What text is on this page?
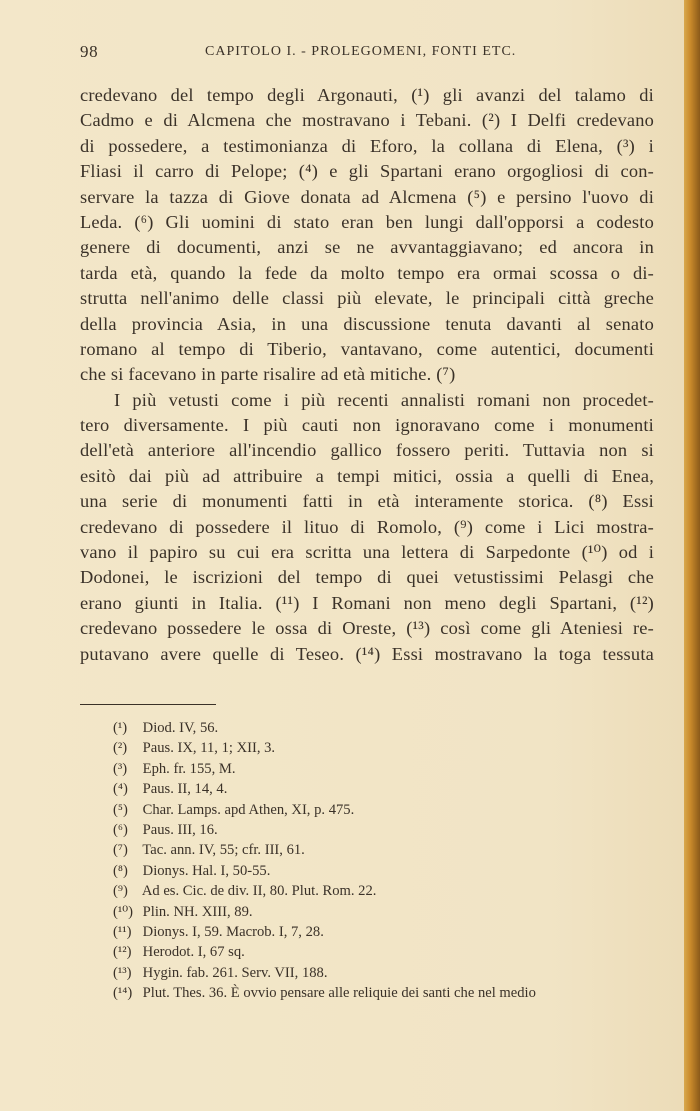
98	CAPITOLO I. - PROLEGOMENI, FONTI ETC.
credevano del tempo degli Argonauti, (¹) gli avanzi del talamo di
Cadmo e di Alcmena che mostravano i Tebani. (²) I Delfi credevano
di possedere, a testimonianza di Eforo, la collana di Elena, (³) i
Fliasi il carro di Pelope; (⁴) e gli Spartani erano orgogliosi di con-
servare la tazza di Giove donata ad Alcmena (⁵) e persino l'uovo di
Leda. (⁶) Gli uomini di stato eran ben lungi dall'opporsi a codesto
genere di documenti, anzi se ne avvantaggiavano; ed ancora in
tarda età, quando la fede da molto tempo era ormai scossa o di-
strutta nell'animo delle classi più elevate, le principali città greche
della provincia Asia, in una discussione tenuta davanti al senato
romano al tempo di Tiberio, vantavano, come autentici, documenti
che si facevano in parte risalire ad età mitiche. (⁷)
I più vetusti come i più recenti annalisti romani non procedet-
tero diversamente. I più cauti non ignoravano come i monumenti
dell'età anteriore all'incendio gallico fossero periti. Tuttavia non si
esitò dai più ad attribuire a tempi mitici, ossia a quelli di Enea,
una serie di monumenti fatti in età interamente storica. (⁸) Essi
credevano di possedere il lituo di Romolo, (⁹) come i Lici mostra-
vano il papiro su cui era scritta una lettera di Sarpedonte (¹⁰) od i
Dodonei, le iscrizioni del tempo di quei vetustissimi Pelasgi che
erano giunti in Italia. (¹¹) I Romani non meno degli Spartani, (¹²)
credevano possedere le ossa di Oreste, (¹³) così come gli Ateniesi re-
putavano avere quelle di Teseo. (¹⁴) Essi mostravano la toga tessuta
(¹) Diod. IV, 56.
(²) Paus. IX, 11, 1; XII, 3.
(³) Eph. fr. 155, M.
(⁴) Paus. II, 14, 4.
(⁵) Char. Lamps. apd Athen, XI, p. 475.
(⁶) Paus. III, 16.
(⁷) Tac. ann. IV, 55; cfr. III, 61.
(⁸) Dionys. Hal. I, 50-55.
(⁹) Ad es. Cic. de div. II, 80. Plut. Rom. 22.
(¹⁰) Plin. NH. XIII, 89.
(¹¹) Dionys. I, 59. Macrob. I, 7, 28.
(¹²) Herodot. I, 67 sq.
(¹³) Hygin. fab. 261. Serv. VII, 188.
(¹⁴) Plut. Thes. 36. È ovvio pensare alle reliquie dei santi che nel medio
